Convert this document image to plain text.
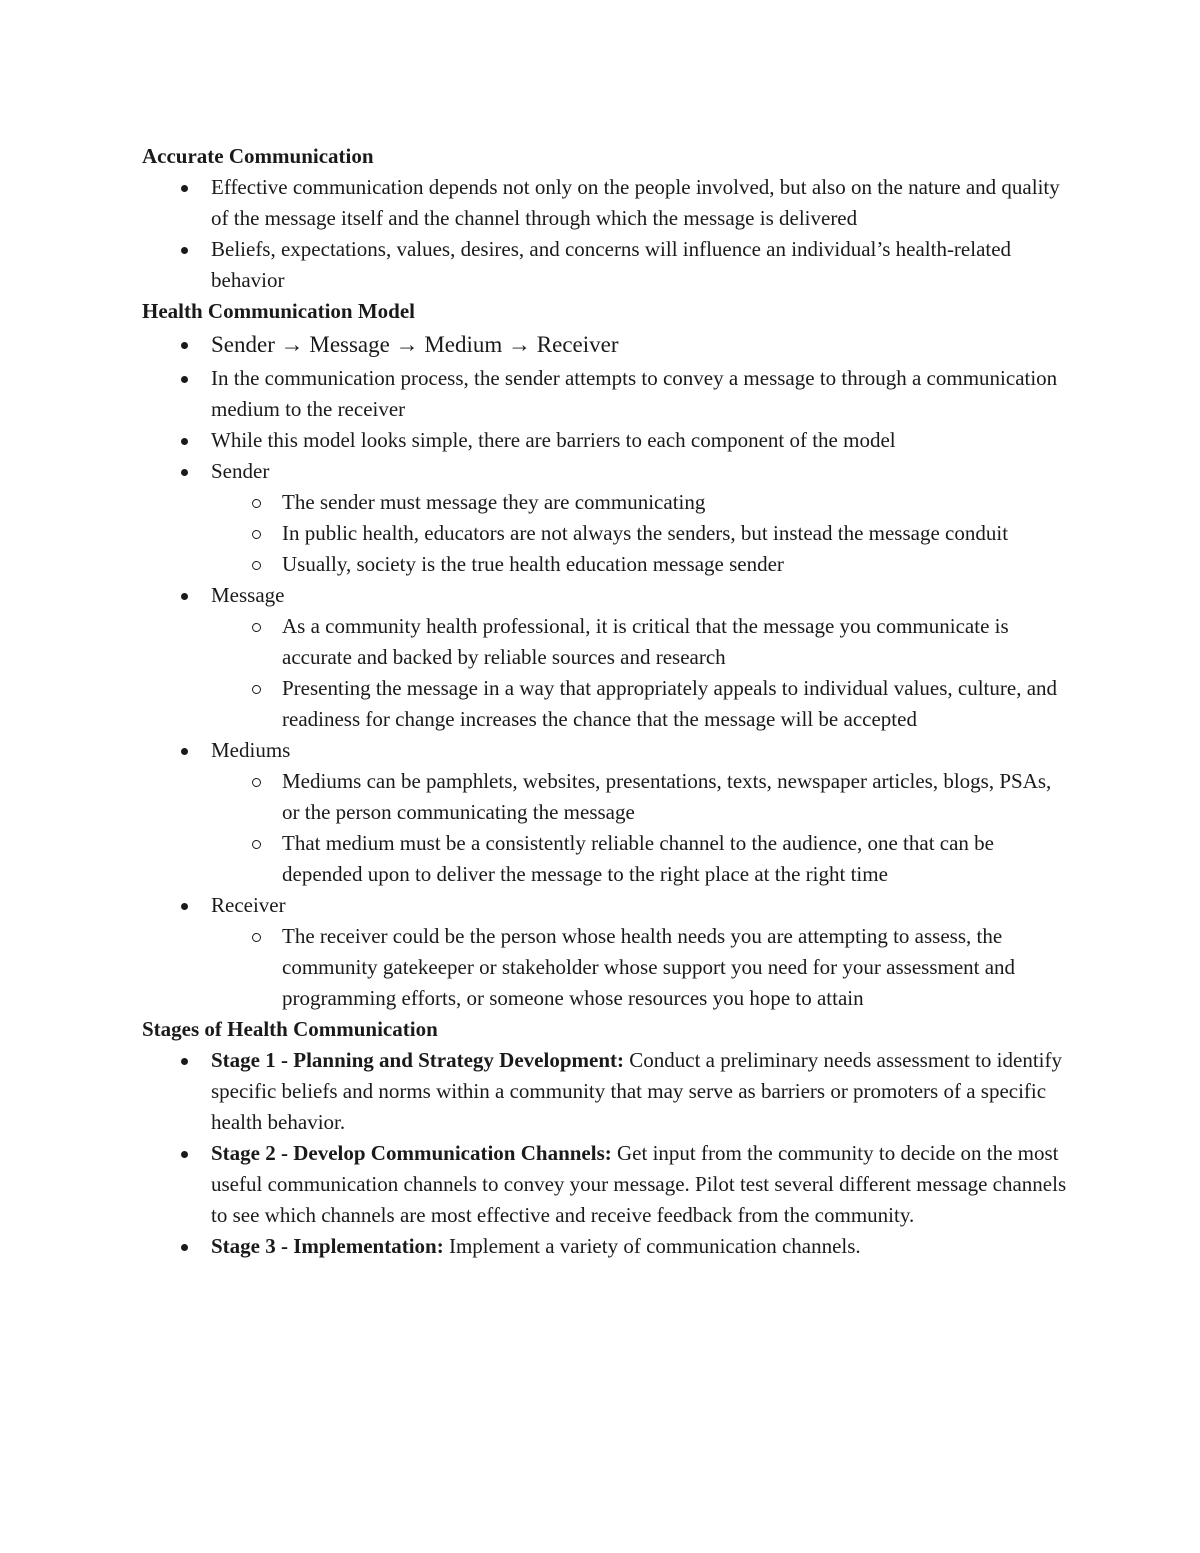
Accurate Communication

Effective communication depends not only on the people involved, but also on the nature and quality of the message itself and the channel through which the message is delivered
Beliefs, expectations, values, desires, and concerns will influence an individual’s health-related behavior

Health Communication Model

Sender → Message → Medium → Receiver
In the communication process, the sender attempts to convey a message to through a communication medium to the receiver
While this model looks simple, there are barriers to each component of the model
Sender
The sender must message they are communicating
In public health, educators are not always the senders, but instead the message conduit
Usually, society is the true health education message sender
Message
As a community health professional, it is critical that the message you communicate is accurate and backed by reliable sources and research
Presenting the message in a way that appropriately appeals to individual values, culture, and readiness for change increases the chance that the message will be accepted
Mediums
Mediums can be pamphlets, websites, presentations, texts, newspaper articles, blogs, PSAs, or the person communicating the message
That medium must be a consistently reliable channel to the audience, one that can be depended upon to deliver the message to the right place at the right time
Receiver
The receiver could be the person whose health needs you are attempting to assess, the community gatekeeper or stakeholder whose support you need for your assessment and programming efforts, or someone whose resources you hope to attain

Stages of Health Communication

Stage 1 - Planning and Strategy Development: Conduct a preliminary needs assessment to identify specific beliefs and norms within a community that may serve as barriers or promoters of a specific health behavior.
Stage 2 - Develop Communication Channels: Get input from the community to decide on the most useful communication channels to convey your message. Pilot test several different message channels to see which channels are most effective and receive feedback from the community.
Stage 3 - Implementation: Implement a variety of communication channels.
